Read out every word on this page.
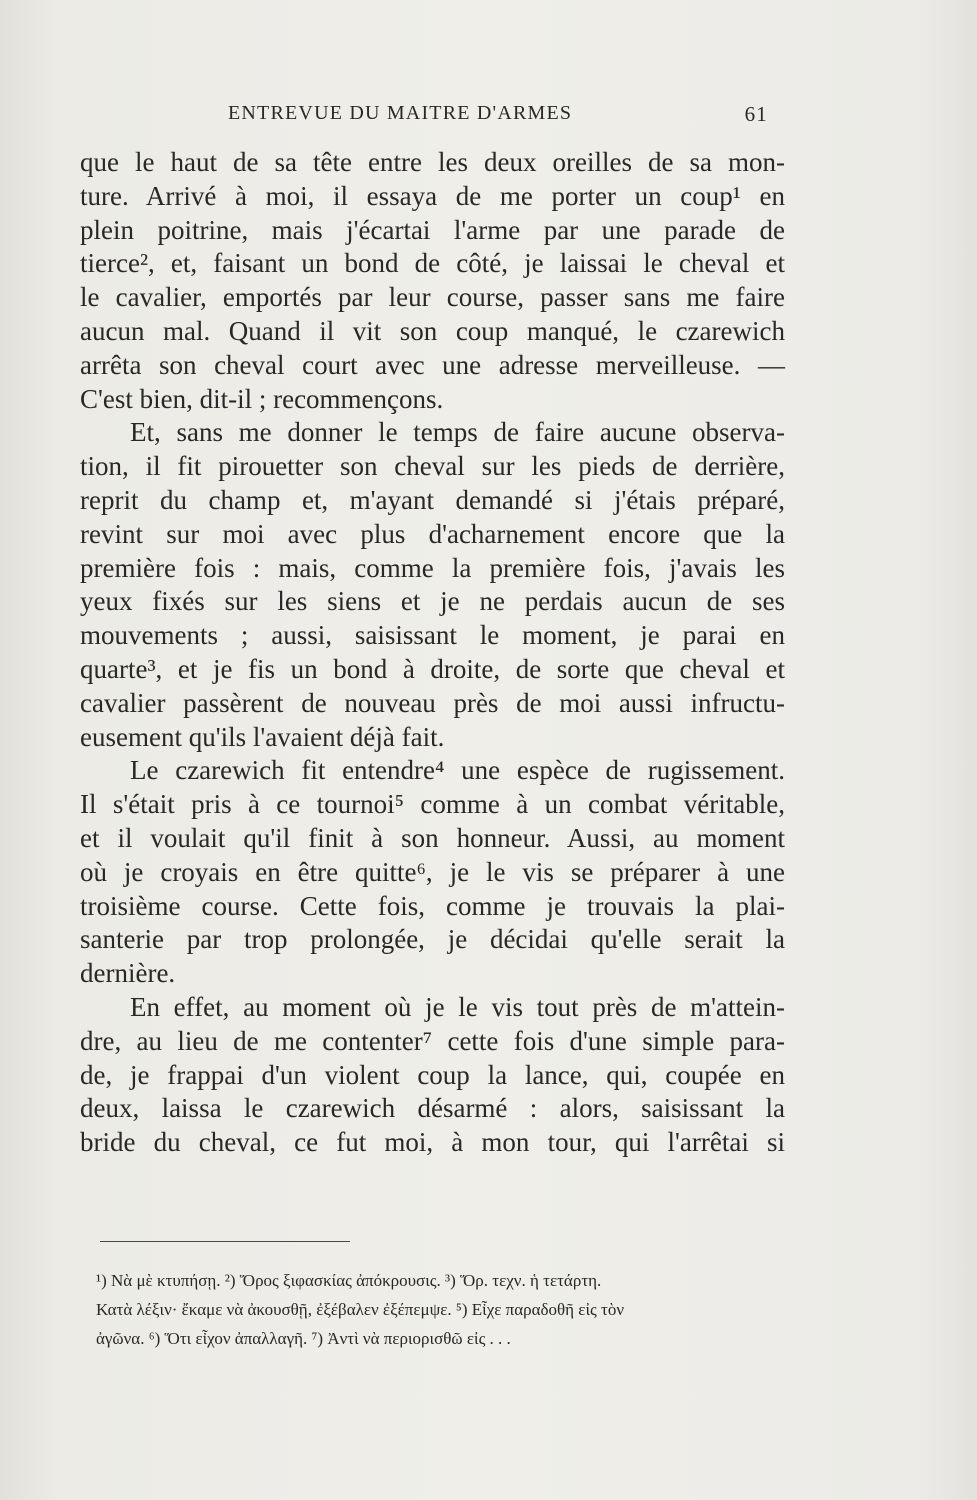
ENTREVUE DU MAITRE D'ARMES	61

que le haut de sa tête entre les deux oreilles de sa mon-

ture. Arrivé à moi, il essaya de me porter un coup¹ en

plein poitrine, mais j'écartai l'arme par une parade de

tierce², et, faisant un bond de côté, je laissai le cheval et

le cavalier, emportés par leur course, passer sans me faire

aucun mal. Quand il vit son coup manqué, le czarewich

arrêta son cheval court avec une adresse merveilleuse. —

C'est bien, dit-il ; recommençons.

Et, sans me donner le temps de faire aucune observa-

tion, il fit pirouetter son cheval sur les pieds de derrière,

reprit du champ et, m'ayant demandé si j'étais préparé,

revint sur moi avec plus d'acharnement encore que la

première fois : mais, comme la première fois, j'avais les

yeux fixés sur les siens et je ne perdais aucun de ses

mouvements ; aussi, saisissant le moment, je parai en

quarte³, et je fis un bond à droite, de sorte que cheval et

cavalier passèrent de nouveau près de moi aussi infructu-

eusement qu'ils l'avaient déjà fait.

Le czarewich fit entendre⁴ une espèce de rugissement.

Il s'était pris à ce tournoi⁵ comme à un combat véritable,

et il voulait qu'il finit à son honneur. Aussi, au moment

où je croyais en être quitte⁶, je le vis se préparer à une

troisième course. Cette fois, comme je trouvais la plai-

santerie par trop prolongée, je décidai qu'elle serait la

dernière.

En effet, au moment où je le vis tout près de m'attein-

dre, au lieu de me contenter⁷ cette fois d'une simple para-

de, je frappai d'un violent coup la lance, qui, coupée en

deux, laissa le czarewich désarmé : alors, saisissant la

bride du cheval, ce fut moi, à mon tour, qui l'arrêtai si

¹) Νὰ μὲ κτυπήσῃ. ²) Ὅρος ξιφασκίας ἀπόκρουσις. ³) Ὅρ. τεχν. ἡ τετάρτη.

Κατὰ λέξιν· ἔκαμε νὰ ἀκουσθῇ, ἐξέβαλεν ἐξέπεμψε. ⁵) Εἶχε παραδοθῆ εἰς τὸν

ἀγῶνα. ⁶) Ὅτι εἶχον ἀπαλλαγῆ. ⁷) Ἀντὶ νὰ περιορισθῶ εἰς . . .
